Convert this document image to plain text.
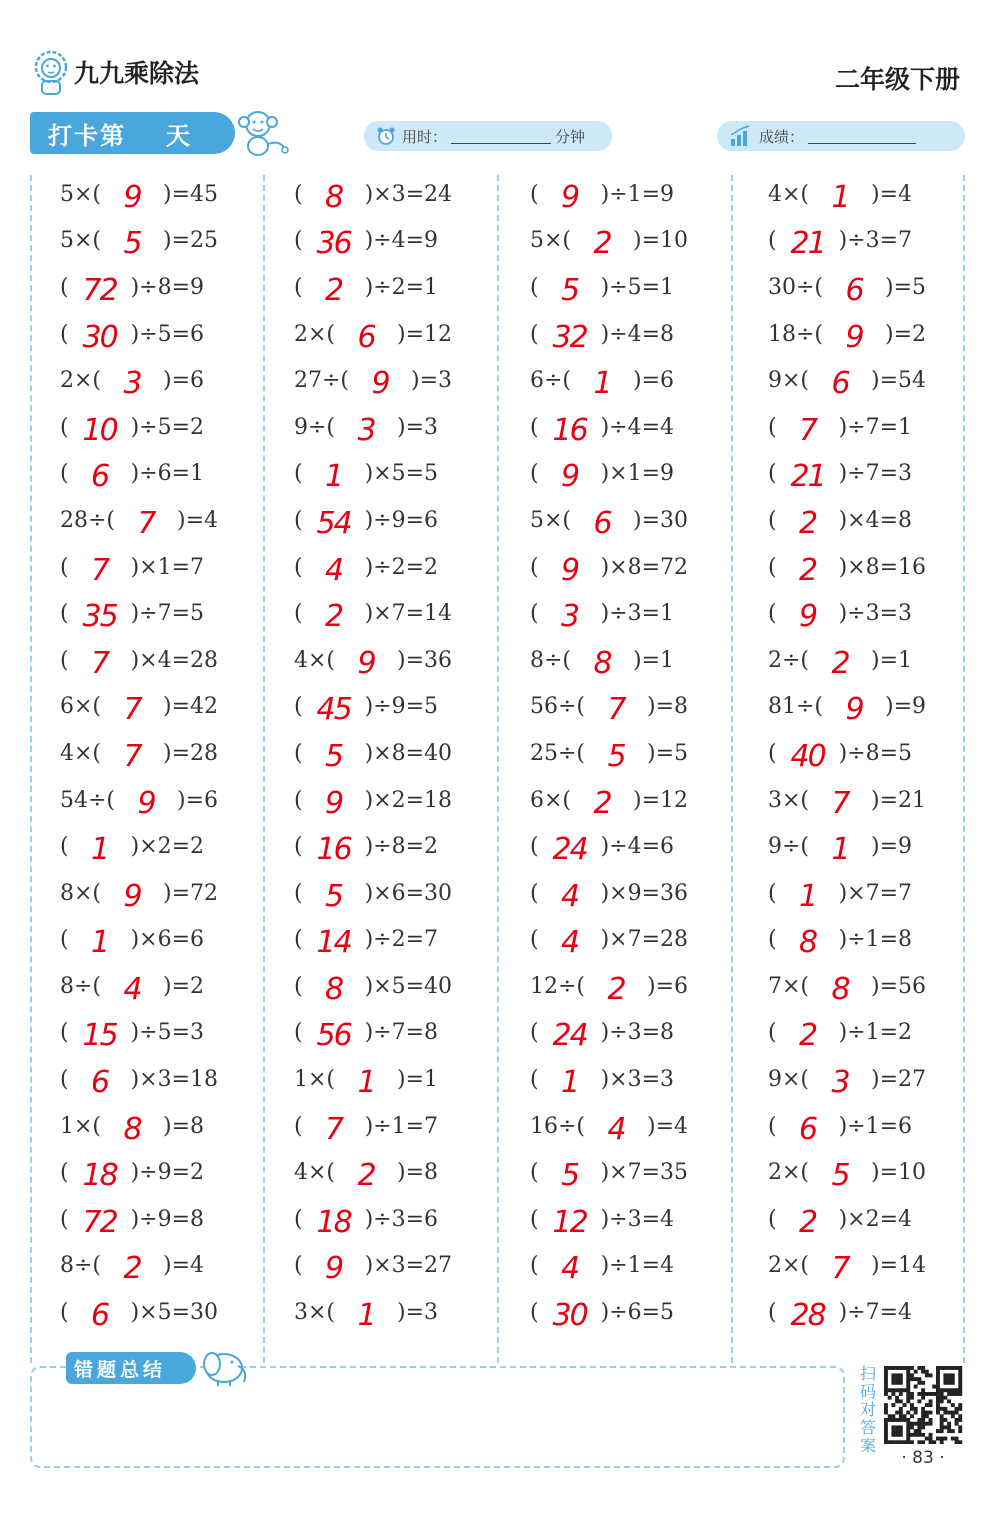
九九乘除法	二年级下册
打卡第 天	用时：	分钟	成绩：
5×( 9	)=45
5×( 5	)=25
( 72 )÷8=9
( 30 )÷5=6
2×( 3	)=6
( 10 )÷5=2
( 6	)÷6=1
28÷( 7	)=4
( 7	)×1=7
( 35 )÷7=5
( 7	)×4=28
6×( 7	)=42
4×( 7	)=28
54÷( 9	)=6
( 1	)×2=2
8×( 9	)=72
( 1	)×6=6
8÷( 4	)=2
( 15 )÷5=3
( 6	)×3=18
1×( 8	)=8
( 18 )÷9=2
( 72 )÷9=8
8÷( 2	)=4
( 6	)×5=30
( 8	)×3=24
( 36 )÷4=9
( 2	)÷2=1
2×( 6	)=12
27÷( 9	)=3
9÷( 3	)=3
( 1	)×5=5
( 54 )÷9=6
( 4	)÷2=2
( 2	)×7=14
4×( 9	)=36
( 45 )÷9=5
( 5	)×8=40
( 9	)×2=18
( 16 )÷8=2
( 5	)×6=30
( 14 )÷2=7
( 8	)×5=40
( 56 )÷7=8
1×( 1	)=1
( 7	)÷1=7
4×( 2	)=8
( 18 )÷3=6
( 9	)×3=27
3×( 1	)=3
( 9	)÷1=9
5×( 2	)=10
( 5	)÷5=1
( 32 )÷4=8
6÷( 1	)=6
( 16 )÷4=4
( 9	)×1=9
5×( 6	)=30
( 9	)×8=72
( 3	)÷3=1
8÷( 8	)=1
56÷( 7	)=8
25÷( 5	)=5
6×( 2	)=12
( 24 )÷4=6
( 4	)×9=36
( 4	)×7=28
12÷( 2	)=6
( 24 )÷3=8
( 1	)×3=3
16÷( 4	)=4
( 5	)×7=35
( 12 )÷3=4
( 4	)÷1=4
( 30 )÷6=5
4×( 1	)=4
( 21 )÷3=7
30÷( 6	)=5
18÷( 9	)=2
9×( 6	)=54
( 7	)÷7=1
( 21 )÷7=3
( 2	)×4=8
( 2	)×8=16
( 9	)÷3=3
2÷( 2	)=1
81÷( 9	)=9
( 40 )÷8=5
3×( 7	)=21
9÷( 1	)=9
( 1	)×7=7
( 8	)÷1=8
7×( 8	)=56
( 2	)÷1=2
9×( 3	)=27
( 6	)÷1=6
2×( 5	)=10
( 2	)×2=4
2×( 7	)=14
( 28 )÷7=4
错题总结	扫码对答案
· 83 ·
